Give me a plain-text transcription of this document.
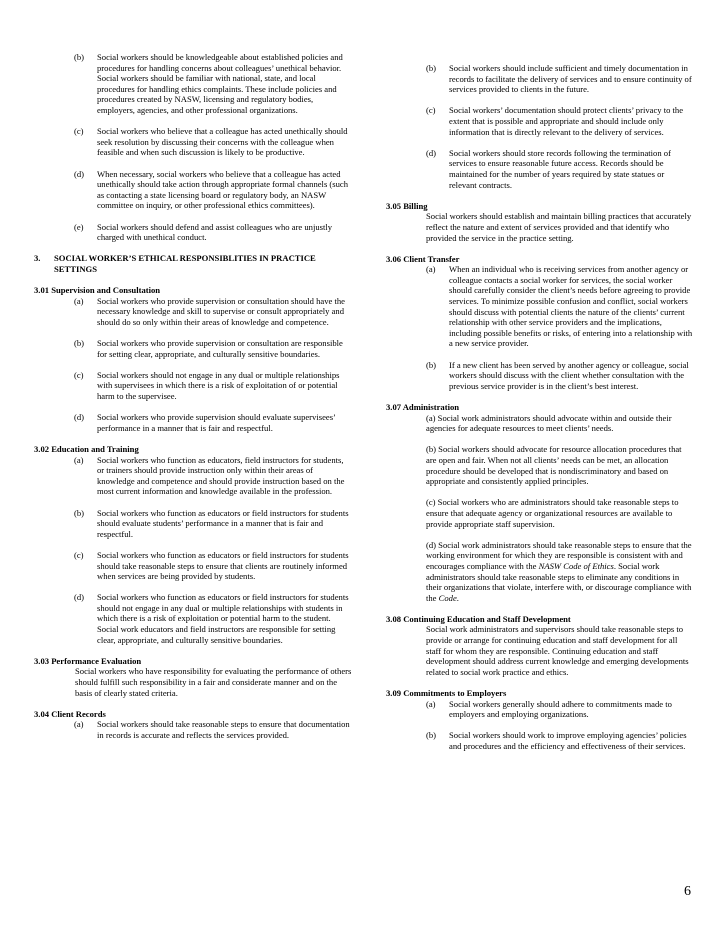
(b)	Social workers should be knowledgeable about established policies and procedures for handling concerns about colleagues’ unethical behavior. Social workers should be familiar with national, state, and local procedures for handling ethics complaints. These include policies and procedures created by NASW, licensing and regulatory bodies, employers, agencies, and other professional organizations.
(c)	Social workers who believe that a colleague has acted unethically should seek resolution by discussing their concerns with the colleague when feasible and when such discussion is likely to be productive.
(d)	When necessary, social workers who believe that a colleague has acted unethically should take action through appropriate formal channels (such as contacting a state licensing board or regulatory body, an NASW committee on inquiry, or other professional ethics committees).
(e)	Social workers should defend and assist colleagues who are unjustly charged with unethical conduct.
3.	SOCIAL WORKER’S ETHICAL RESPONSIBLITIES IN PRACTICE SETTINGS
3.01 Supervision and Consultation
(a)	Social workers who provide supervision or consultation should have the necessary knowledge and skill to supervise or consult appropriately and should do so only within their areas of knowledge and competence.
(b)	Social workers who provide supervision or consultation are responsible for setting clear, appropriate, and culturally sensitive boundaries.
(c)	Social workers should not engage in any dual or multiple relationships with supervisees in which there is a risk of exploitation of or potential harm to the supervisee.
(d)	Social workers who provide supervision should evaluate supervisees’ performance in a manner that is fair and respectful.
3.02 Education and Training
(a)	Social workers who function as educators, field instructors for students, or trainers should provide instruction only within their areas of knowledge and competence and should provide instruction based on the most current information and knowledge available in the profession.
(b)	Social workers who function as educators or field instructors for students should evaluate students’ performance in a manner that is fair and respectful.
(c)	Social workers who function as educators or field instructors for students should take reasonable steps to ensure that clients are routinely informed when services are being provided by students.
(d)	Social workers who function as educators or field instructors for students should not engage in any dual or multiple relationships with students in which there is a risk of exploitation or potential harm to the student. Social work educators and field instructors are responsible for setting clear, appropriate, and culturally sensitive boundaries.
3.03 Performance Evaluation
Social workers who have responsibility for evaluating the performance of others should fulfill such responsibility in a fair and considerate manner and on the basis of clearly stated criteria.
3.04 Client Records
(a)	Social workers should take reasonable steps to ensure that documentation in records is accurate and reflects the services provided.
(b)	Social workers should include sufficient and timely documentation in records to facilitate the delivery of services and to ensure continuity of services provided to clients in the future.
(c)	Social workers’ documentation should protect clients’ privacy to the extent that is possible and appropriate and should include only information that is directly relevant to the delivery of services.
(d)	Social workers should store records following the termination of services to ensure reasonable future access. Records should be maintained for the number of years required by state statues or relevant contracts.
3.05 Billing
Social workers should establish and maintain billing practices that accurately reflect the nature and extent of services provided and that identify who provided the service in the practice setting.
3.06 Client Transfer
(a)	When an individual who is receiving services from another agency or colleague contacts a social worker for services, the social worker should carefully consider the client’s needs before agreeing to provide services. To minimize possible confusion and conflict, social workers should discuss with potential clients the nature of the clients’ current relationship with other service providers and the implications, including possible benefits or risks, of entering into a relationship with a new service provider.
(b)	If a new client has been served by another agency or colleague, social workers should discuss with the client whether consultation with the previous service provider is in the client’s best interest.
3.07 Administration
(a) Social work administrators should advocate within and outside their agencies for adequate resources to meet clients’ needs.
(b) Social workers should advocate for resource allocation procedures that are open and fair. When not all clients’ needs can be met, an allocation procedure should be developed that is nondiscriminatory and based on appropriate and consistently applied principles.
(c) Social workers who are administrators should take reasonable steps to ensure that adequate agency or organizational resources are available to provide appropriate staff supervision.
(d) Social work administrators should take reasonable steps to ensure that the working environment for which they are responsible is consistent with and encourages compliance with the NASW Code of Ethics. Social work administrators should take reasonable steps to eliminate any conditions in their organizations that violate, interfere with, or discourage compliance with the Code.
3.08 Continuing Education and Staff Development
Social work administrators and supervisors should take reasonable steps to provide or arrange for continuing education and staff development for all staff for whom they are responsible. Continuing education and staff development should address current knowledge and emerging developments related to social work practice and ethics.
3.09 Commitments to Employers
(a)	Social workers generally should adhere to commitments made to employers and employing organizations.
(b)	Social workers should work to improve employing agencies’ policies and procedures and the efficiency and effectiveness of their services.
6
